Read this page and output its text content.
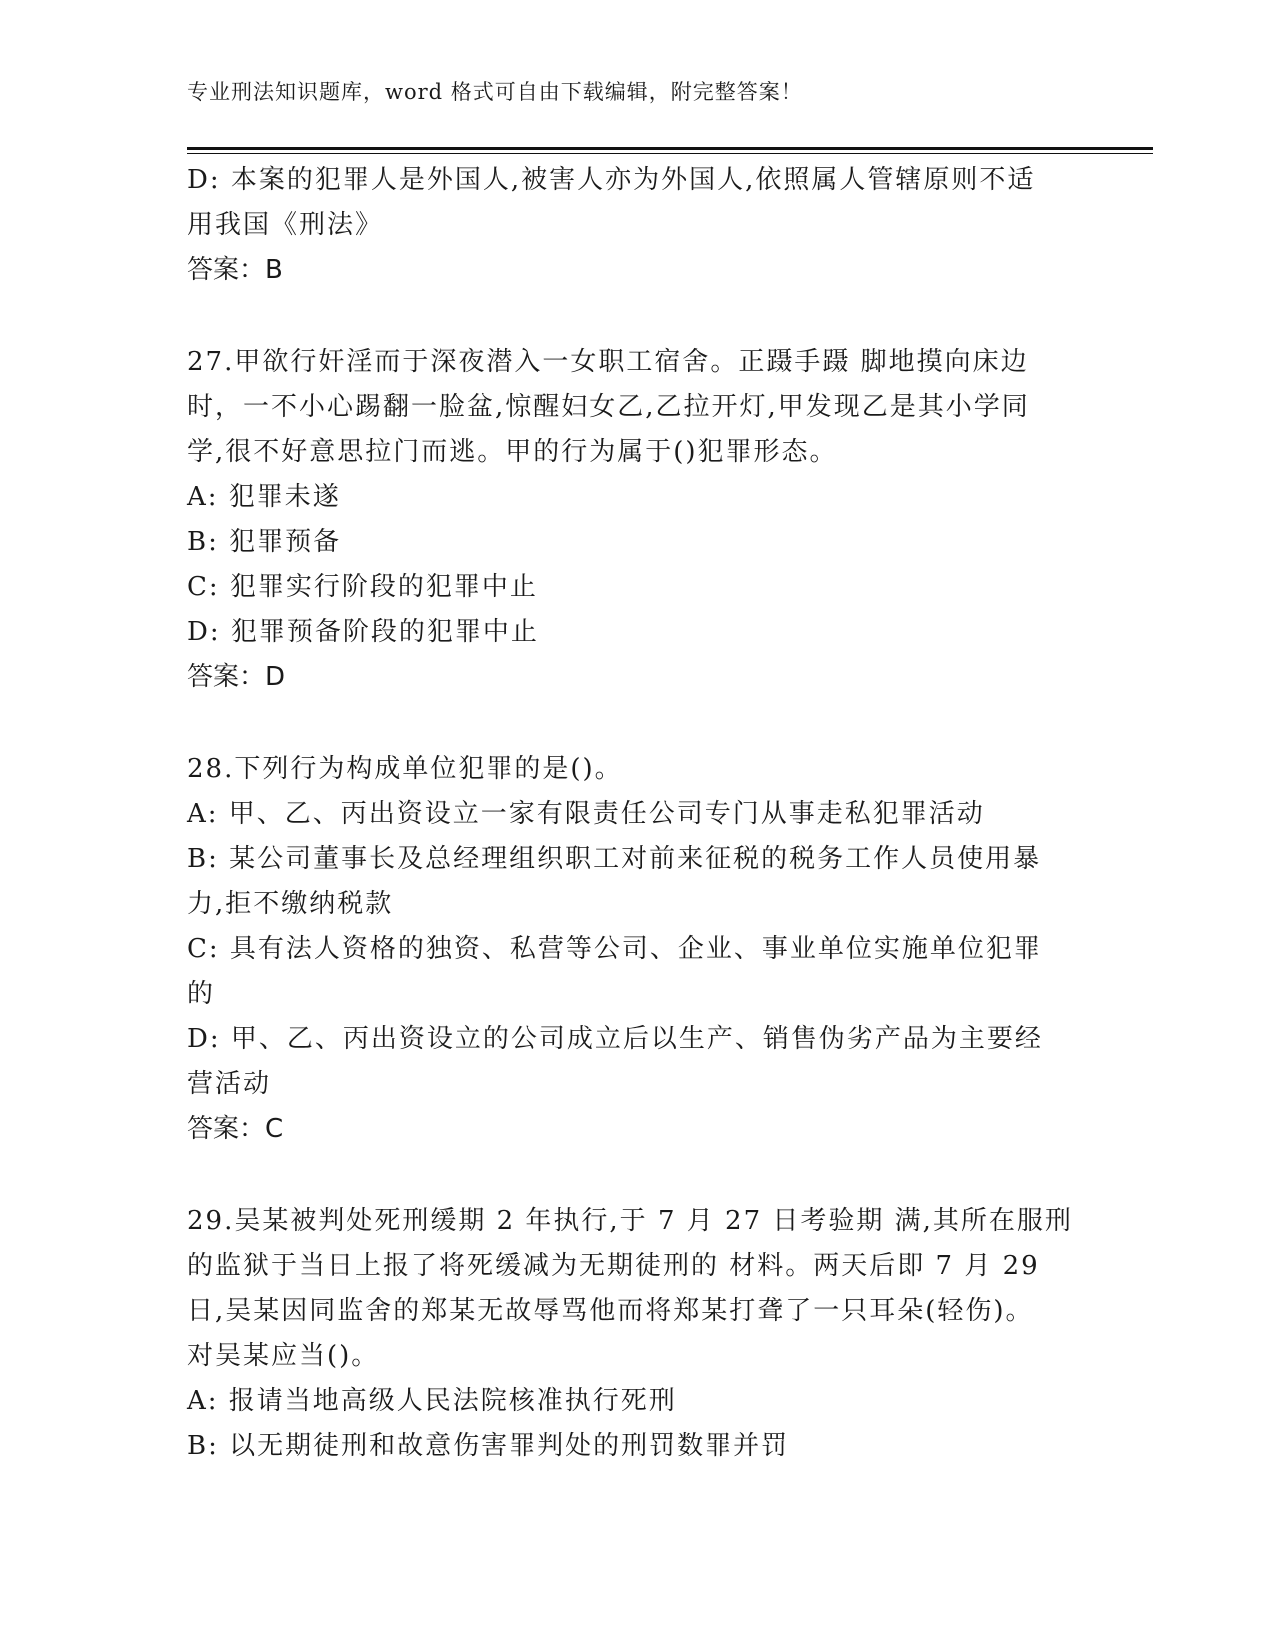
专业刑法知识题库，word 格式可自由下载编辑，附完整答案！
D: 本案的犯罪人是外国人,被害人亦为外国人,依照属人管辖原则不适
用我国《刑法》
答案：B
27.甲欲行奸淫而于深夜潜入一女职工宿舍。正蹑手蹑 脚地摸向床边
时，一不小心踢翻一脸盆,惊醒妇女乙,乙拉开灯,甲发现乙是其小学同
学,很不好意思拉门而逃。甲的行为属于()犯罪形态。
A: 犯罪未遂
B: 犯罪预备
C: 犯罪实行阶段的犯罪中止
D: 犯罪预备阶段的犯罪中止
答案：D
28.下列行为构成单位犯罪的是()。
A: 甲、乙、丙出资设立一家有限责任公司专门从事走私犯罪活动
B: 某公司董事长及总经理组织职工对前来征税的税务工作人员使用暴
力,拒不缴纳税款
C: 具有法人资格的独资、私营等公司、企业、事业单位实施单位犯罪
的
D: 甲、乙、丙出资设立的公司成立后以生产、销售伪劣产品为主要经
营活动
答案：C
29.吴某被判处死刑缓期 2 年执行,于 7 月 27 日考验期 满,其所在服刑
的监狱于当日上报了将死缓减为无期徒刑的 材料。两天后即 7 月 29
日,吴某因同监舍的郑某无故辱骂他而将郑某打聋了一只耳朵(轻伤)。
对吴某应当()。
A: 报请当地高级人民法院核准执行死刑
B: 以无期徒刑和故意伤害罪判处的刑罚数罪并罚
